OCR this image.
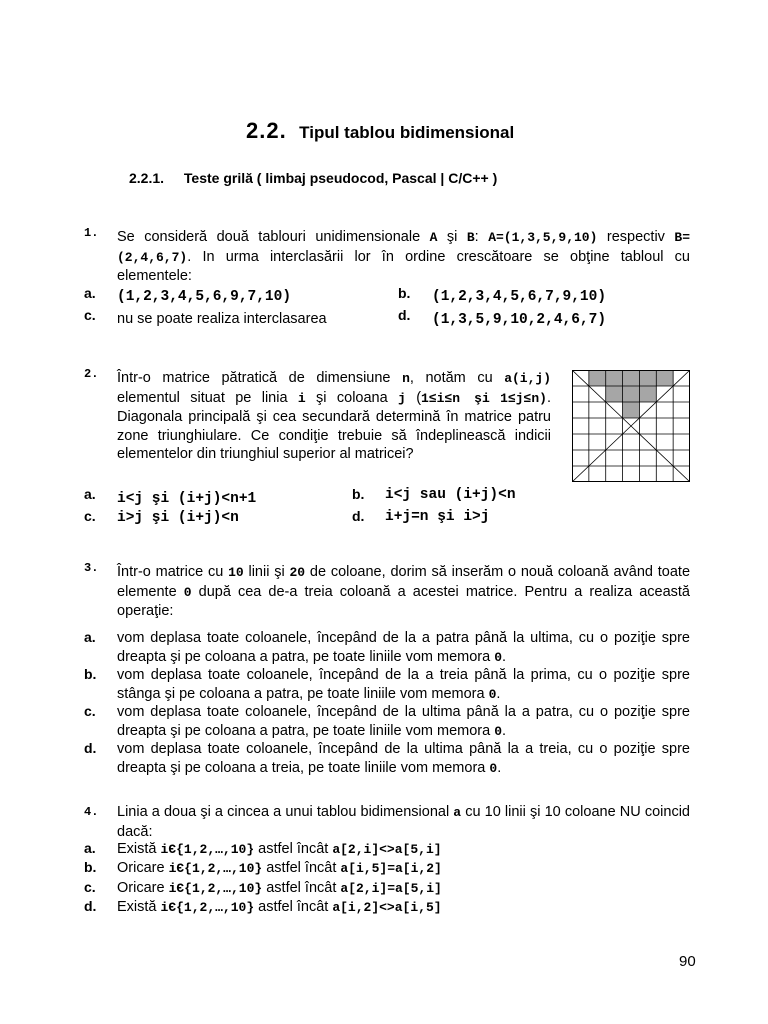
2.2. Tipul tablou bidimensional
2.2.1. Teste grilă ( limbaj pseudocod, Pascal | C/C++ )
1. Se consideră două tablouri unidimensionale A şi B: A=(1,3,5,9,10) respectiv B=(2,4,6,7). In urma interclasării lor în ordine crescătoare se obţine tabloul cu elementele:
a. (1,2,3,4,5,6,9,7,10)	b. (1,2,3,4,5,6,7,9,10)
c. nu se poate realiza interclasarea	d. (1,3,5,9,10,2,4,6,7)
2. Într-o matrice pătratică de dimensiune n, notăm cu a(i,j) elementul situat pe linia i şi coloana j (1≤i≤n şi 1≤j≤n). Diagonala principală şi cea secundară determină în matrice patru zone triunghiulare. Ce condiţie trebuie să îndeplinească indicii elementelor din triunghiul superior al matricei?
a. i<j şi (i+j)<n+1	b. i<j sau (i+j)<n
c. i>j şi (i+j)<n	d. i+j=n şi i>j
3. Într-o matrice cu 10 linii şi 20 de coloane, dorim să inserăm o nouă coloană având toate elemente 0 după cea de-a treia coloană a acestei matrice. Pentru a realiza această operaţie:
a. vom deplasa toate coloanele, începând de la a patra până la ultima, cu o poziţie spre dreapta şi pe coloana a patra, pe toate liniile vom memora 0.
b. vom deplasa toate coloanele, începând de la a treia până la prima, cu o poziţie spre stânga şi pe coloana a patra, pe toate liniile vom memora 0.
c. vom deplasa toate coloanele, începând de la ultima până la a patra, cu o poziţie spre dreapta şi pe coloana a patra, pe toate liniile vom memora 0.
d. vom deplasa toate coloanele, începând de la ultima până la a treia, cu o poziţie spre dreapta şi pe coloana a treia, pe toate liniile vom memora 0.
4. Linia a doua şi a cincea a unui tablou bidimensional a cu 10 linii şi 10 coloane NU coincid dacă:
a. Există iЄ{1,2,…,10} astfel încât a[2,i]<>a[5,i]
b. Oricare iЄ{1,2,…,10} astfel încât a[i,5]=a[i,2]
c. Oricare iЄ{1,2,…,10} astfel încât a[2,i]=a[5,i]
d. Există iЄ{1,2,…,10} astfel încât a[i,2]<>a[i,5]
90
